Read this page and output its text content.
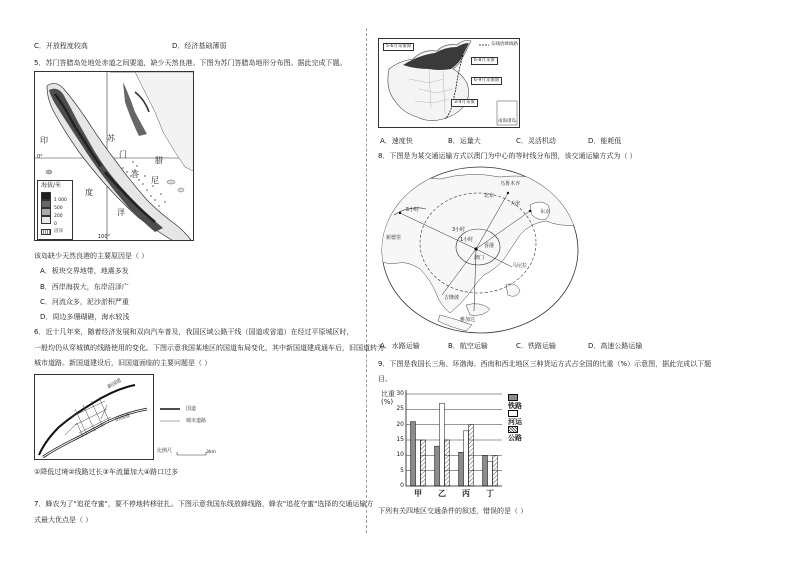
C．开放程度较高	D．经济基础薄弱
5．苏门答腊岛处地处赤道之间要道，缺少天然良港。下图为苏门答腊岛地形分布图。据此完成下题。
印
0°
度
洋
尼
苏
门
答
腊
100°
海拔/米
1 000
500
200
0
沼泽
该岛缺少天然良港的主要原因是（ ）
A．板块交界地带，地震多发
B．西岸海拔大，东岸沼泽广
C．河流众多，泥沙淤积严重
D．周边多珊瑚礁，海水较浅
6．近十几年来，随着经济发展和双向汽车普及，我国区域公路干线（国道或省道）在经过平原城区时，
一般均仍从穿城镇的线路使用的变化。下图示意我国某地区的国道布局变化，其中新国道建成通车后，旧国道转为
城市道路。新国道建设后，旧国道面临的主要问题是（ ）
新国道
旧国道
国道
城市道路
比例尺	3km
①降低过境②线路过长③车流量加大④路口过多
7．蜂农为了"追花夺蜜"，要不停地转移驻扎。下图示意我国东线放蜂线路，蜂农"追花夺蜜"选择的交通运输方
式最大优点是（ ）
5-6月采蜜期	东线放蜂线路
6-8月采蜜
6-9月采蜜期
3-4月采蜜
南海诸岛
A．速度快	B．运量大	C．灵活机动	D．能耗低
8．下图是为某交通运输方式以澳门为中心的等时线分布图，该交通运输方式为（ ）
乌鲁木齐
北京
东京
天津
新德里
5小时
3小时
1小时
香港
澳门
马尼拉
吉隆坡
雅加达
A．水路运输	B．航空运输	C．铁路运输	D．高速公路运输
9．下图是我国长三角、环渤海、西南和西北地区三种货运方式占全国的比重（%）示意图，据此完成以下题
目。
比重(%)
0
5
10
15
20
25
30
甲 乙 丙 丁
铁路
河运
公路
下列有关四地区交通条件的叙述，错误的是（ ）
